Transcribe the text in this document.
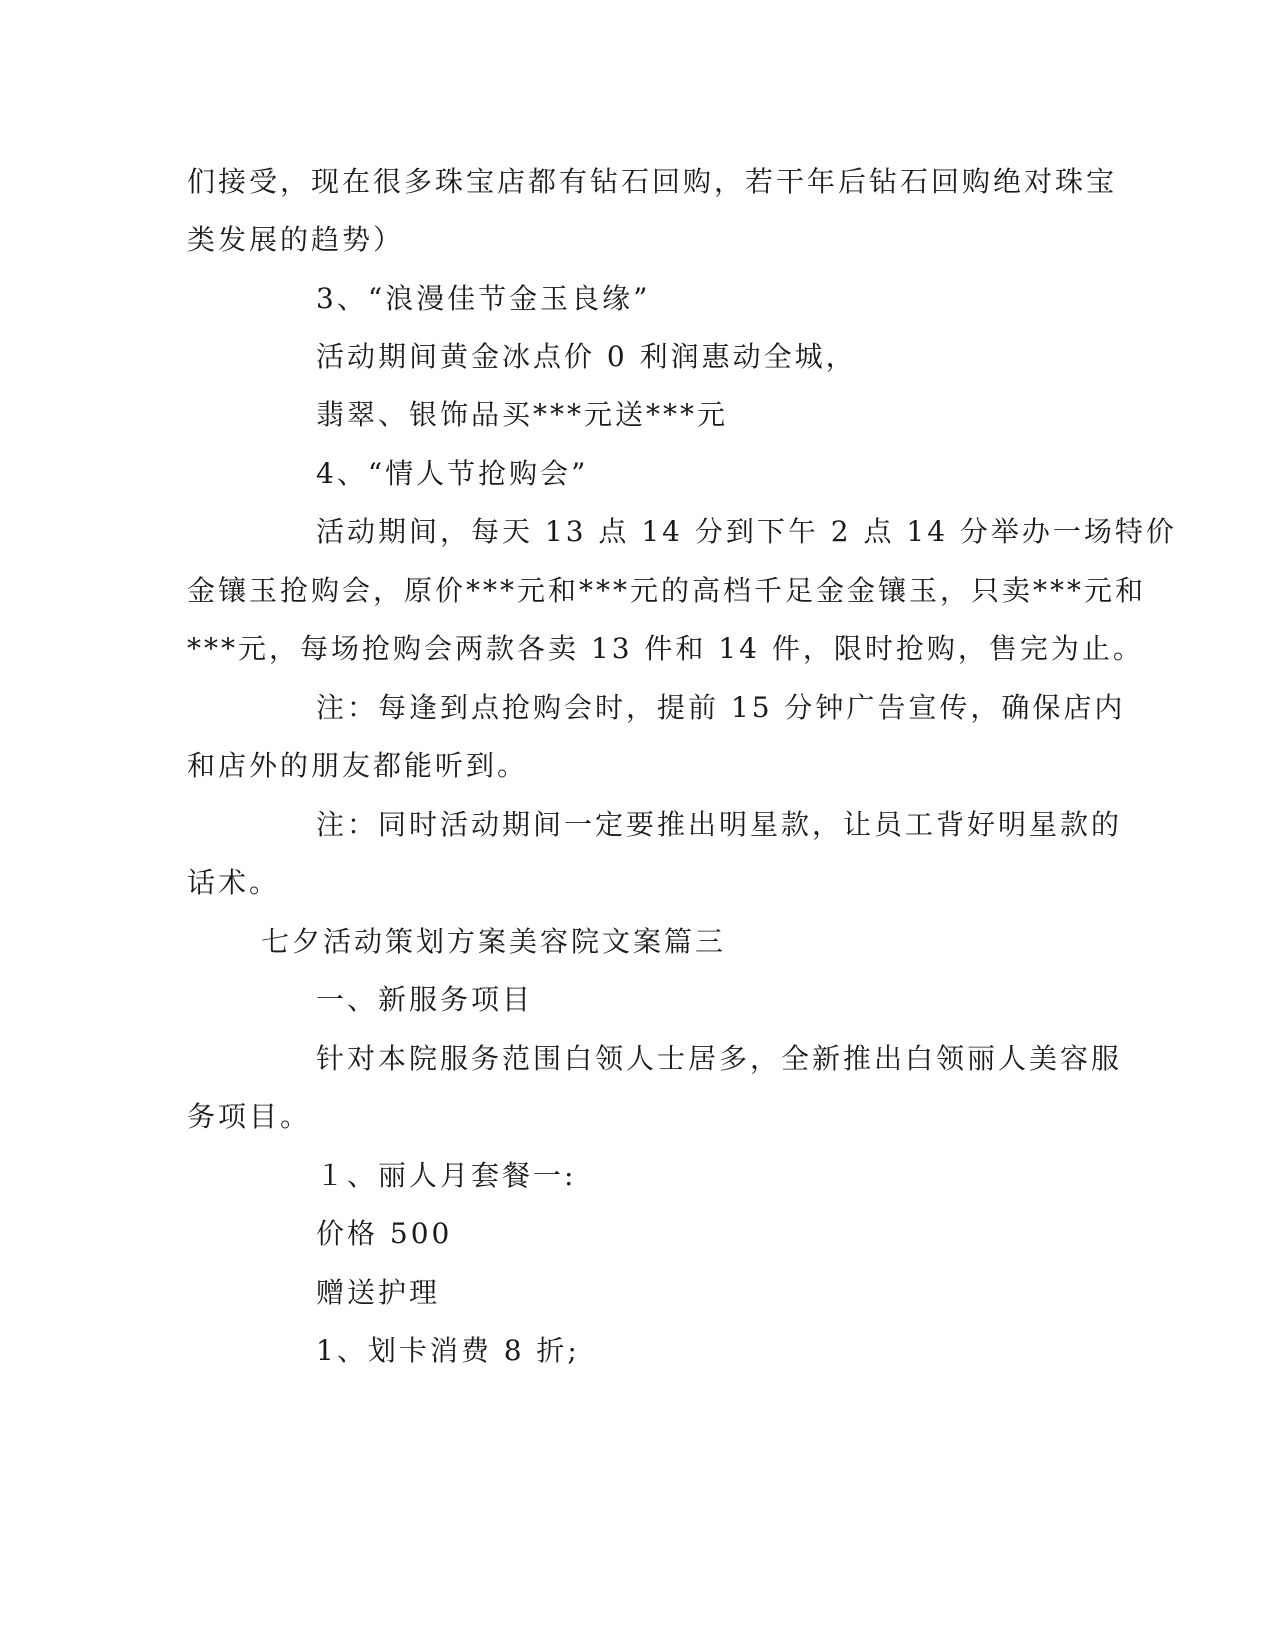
们接受，现在很多珠宝店都有钻石回购，若干年后钻石回购绝对珠宝
类发展的趋势）
3、“浪漫佳节金玉良缘”
活动期间黄金冰点价 0 利润惠动全城，
翡翠、银饰品买***元送***元
4、“情人节抢购会”
活动期间，每天 13 点 14 分到下午 2 点 14 分举办一场特价
金镶玉抢购会，原价***元和***元的高档千足金金镶玉，只卖***元和
***元，每场抢购会两款各卖 13 件和 14 件，限时抢购，售完为止。
注：每逢到点抢购会时，提前 15 分钟广告宣传，确保店内
和店外的朋友都能听到。
注：同时活动期间一定要推出明星款，让员工背好明星款的
话术。
七夕活动策划方案美容院文案篇三
一、新服务项目
针对本院服务范围白领人士居多，全新推出白领丽人美容服
务项目。
１、丽人月套餐一:
价格 500
赠送护理
1、划卡消费 8 折;
